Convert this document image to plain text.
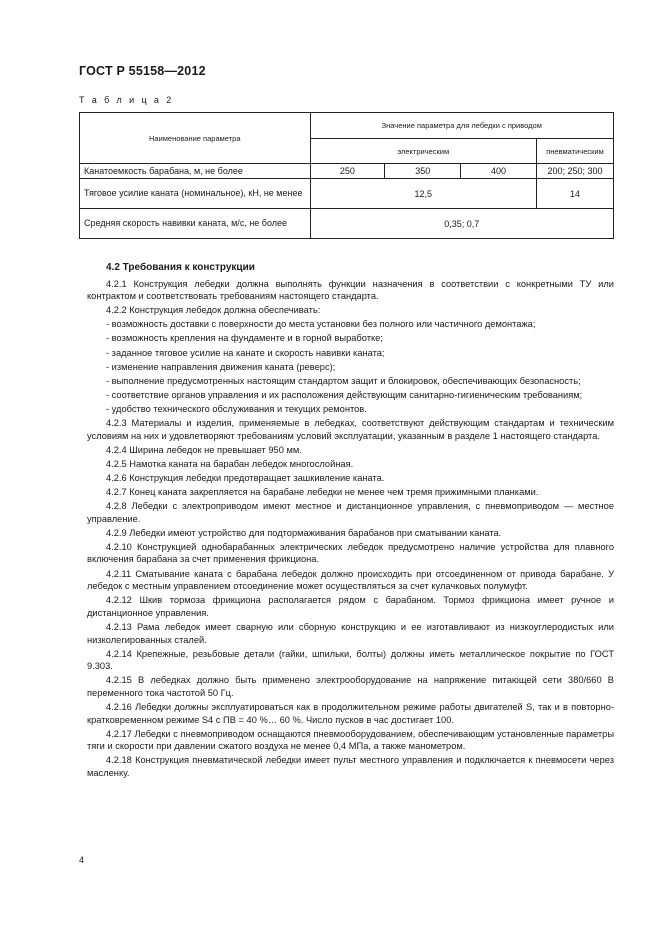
ГОСТ Р 55158—2012
Т а б л и ц а 2
Наименование параметра	Значение параметра для лебедки с приводом			
	электрическим			пневматическим
Канатоемкость барабана, м, не более	250	350	400	200; 250; 300
Тяговое усилие каната (номинальное), кН, не менее	12,5			14
Средняя скорость навивки каната, м/с, не более	0,35; 0,7			

4.2 Требования к конструкции

4.2.1 Конструкция лебедки должна выполнять функции назначения в соответствии с конкретными ТУ или контрактом и соответствовать требованиям настоящего стандарта.

4.2.2 Конструкция лебедок должна обеспечивать:

- возможность доставки с поверхности до места установки без полного или частичного демонтажа;

- возможность крепления на фундаменте и в горной выработке;

- заданное тяговое усилие на канате и скорость навивки каната;

- изменение направления движения каната (реверс);

- выполнение предусмотренных настоящим стандартом защит и блокировок, обеспечивающих безопасность;

- соответствие органов управления и их расположения действующим санитарно-гигиеническим требованиям;

- удобство технического обслуживания и текущих ремонтов.

4.2.3 Материалы и изделия, применяемые в лебедках, соответствуют действующим стандартам и техническим условиям на них и удовлетворяют требованиям условий эксплуатации, указанным в разделе 1 настоящего стандарта.

4.2.4 Ширина лебедок не превышает 950 мм.

4.2.5 Намотка каната на барабан лебедок многослойная.

4.2.6 Конструкция лебедки предотвращает зашкивление каната.

4.2.7 Конец каната закрепляется на барабане лебедки не менее чем тремя прижимными планками.

4.2.8 Лебедки с электроприводом имеют местное и дистанционное управления, с пневмоприводом — местное управление.

4.2.9 Лебедки имеют устройство для подтормаживания барабанов при сматывании каната.

4.2.10 Конструкцией однобарабанных электрических лебедок предусмотрено наличие устройства для плавного включения барабана за счет применения фрикциона.

4.2.11 Сматывание каната с барабана лебедок должно происходить при отсоединенном от привода барабане. У лебедок с местным управлением отсоединение может осуществляться за счет кулачковых полумуфт.

4.2.12 Шкив тормоза фрикциона располагается рядом с барабаном. Тормоз фрикциона имеет ручное и дистанционное управления.

4.2.13 Рама лебедок имеет сварную или сборную конструкцию и ее изготавливают из низкоуглеродистых или низколегированных сталей.

4.2.14 Крепежные, резьбовые детали (гайки, шпильки, болты) должны иметь металлическое покрытие по ГОСТ 9.303.

4.2.15 В лебедках должно быть применено электрооборудование на напряжение питающей сети 380/660 В переменного тока частотой 50 Гц.

4.2.16 Лебедки должны эксплуатироваться как в продолжительном режиме работы двигателей S, так и в повторно-кратковременном режиме S4 с ПВ = 40 %… 60 %. Число пусков в час достигает 100.

4.2.17 Лебедки с пневмоприводом оснащаются пневмооборудованием, обеспечивающим установленные параметры тяги и скорости при давлении сжатого воздуха не менее 0,4 МПа, а также манометром.

4.2.18 Конструкция пневматической лебедки имеет пульт местного управления и подключается к пневмосети через масленку.

4
